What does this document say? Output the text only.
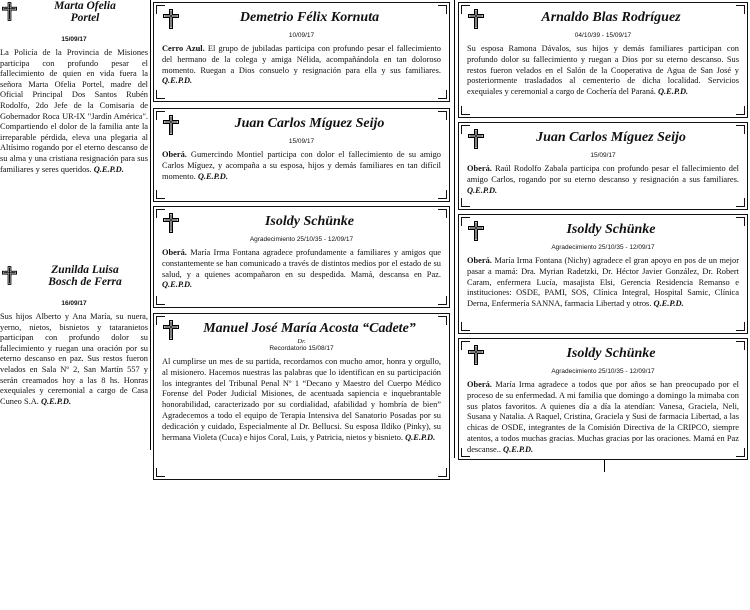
Marta Ofelia
Portel
15/09/17
La Policía de la Provincia de Misiones participa con profundo pesar el fallecimiento de quien en vida fuera la señora Marta Ofelia Portel, madre del Oficial Principal Dos Santos Rubén Rodolfo, 2do Jefe de la Comisaria de Gobernador Roca UR-IX "Jardín América". Compartiendo el dolor de la familia ante la irreparable pérdida, eleva una plegaria al Altísimo rogando por el eterno descanso de su alma y una cristiana resignación para sus familiares y seres queridos. Q.E.P.D.
Zunilda Luisa
Bosch de Ferra
16/09/17
Sus hijos Alberto y Ana María, su nuera, yerno, nietos, bisnietos y tataranietos participan con profundo dolor su fallecimiento y ruegan una oración por su eterno descanso en paz. Sus restos fueron velados en Sala Nº 2, San Martín 557 y serán creamados hoy a las 8 hs. Honras exequiales y ceremonial a cargo de Casa Cuneo S.A. Q.E.P.D.
Demetrio Félix Kornuta
10/09/17
Cerro Azul. El grupo de jubiladas participa con profundo pesar el fallecimiento del hermano de la colega y amiga Nélida, acompañándola en tan doloroso momento. Ruegan a Dios consuelo y resignación para ella y sus familiares. Q.E.P.D.
Juan Carlos Míguez Seijo
15/09/17
Oberá. Gumercindo Montiel participa con dolor el fallecimiento de su amigo Carlos Míguez, y acompaña a su esposa, hijos y demás familiares en tan difícil momento. Q.E.P.D.
Isoldy Schünke
Agradecimiento 25/10/35 - 12/09/17
Oberá. María Irma Fontana agradece profundamente a familiares y amigos que constantemente se han comunicado a través de distintos medios por el estado de su salud, y a quienes acompañaron en su despedida. Mamá, descansa en Paz. Q.E.P.D.
Manuel José María Acosta “Cadete”
Dr.
Recordatorio 15/08/17
Al cumplirse un mes de su partida, recordamos con mucho amor, honra y orgullo, al misionero. Hacemos nuestras las palabras que lo identifican en su participación los integrantes del Tribunal Penal Nº 1 “Decano y Maestro del Cuerpo Médico Forense del Poder Judicial Misiones, de acentuada sapiencia e inquebrantable honorabilidad, caracterizado por su cordialidad, afabilidad y hombría de bien” Agradecemos a todo el equipo de Terapia Intensiva del Sanatorio Posadas por su dedicación y cuidado, Especialmente al Dr. Bellucsi. Su esposa Ildiko (Pinky), su hermana Violeta (Cuca) e hijos Coral, Luis, y Patricia, nietos y bisnieto. Q.E.P.D.
Arnaldo Blas Rodríguez
04/10/39 - 15/09/17
Su esposa Ramona Dávalos, sus hijos y demás familiares participan con profundo dolor su fallecimiento y ruegan a Dios por su eterno descanso. Sus restos fueron velados en el Salón de la Cooperativa de Agua de San José y posteriormente trasladados al cementerio de dicha localidad. Servicios exequiales y ceremonial a cargo de Cochería del Paraná. Q.E.P.D.
Juan Carlos Míguez Seijo
15/09/17
Oberá. Raúl Rodolfo Zabala participa con profundo pesar el fallecimiento del amigo Carlos, rogando por su eterno descanso y resignación a sus familiares. Q.E.P.D.
Isoldy Schünke
Agradecimiento 25/10/35 - 12/09/17
Oberá. María Irma Fontana (Nichy) agradece el gran apoyo en pos de un mejor pasar a mamá: Dra. Myrian Radetzki, Dr. Héctor Javier González, Dr. Robert Caram, enfermera Lucía, masajista Elsi, Gerencia Residencia Remanso e instituciones: OSDE, PAMI, SOS, Clínica Integral, Hospital Samic, Clínica Derna, Enfermería SANNA, farmacia Libertad y otros. Q.E.P.D.
Isoldy Schünke
Agradecimiento 25/10/35 - 12/09/17
Oberá. María Irma agradece a todos que por años se han preocupado por el proceso de su enfermedad. A mi familia que domingo a domingo la mimaba con sus platos favoritos. A quienes día a día la atendían: Vanesa, Graciela, Neli, Susana y Natalia. A Raquel, Cristina, Graciela y Susi de farmacia Libertad, a las chicas de OSDE, integrantes de la Comisión Directiva de la CRIPCO, siempre atentos, a todos muchas gracias. Muchas gracias por las oraciones. Mamá en Paz descanse.. Q.E.P.D.
